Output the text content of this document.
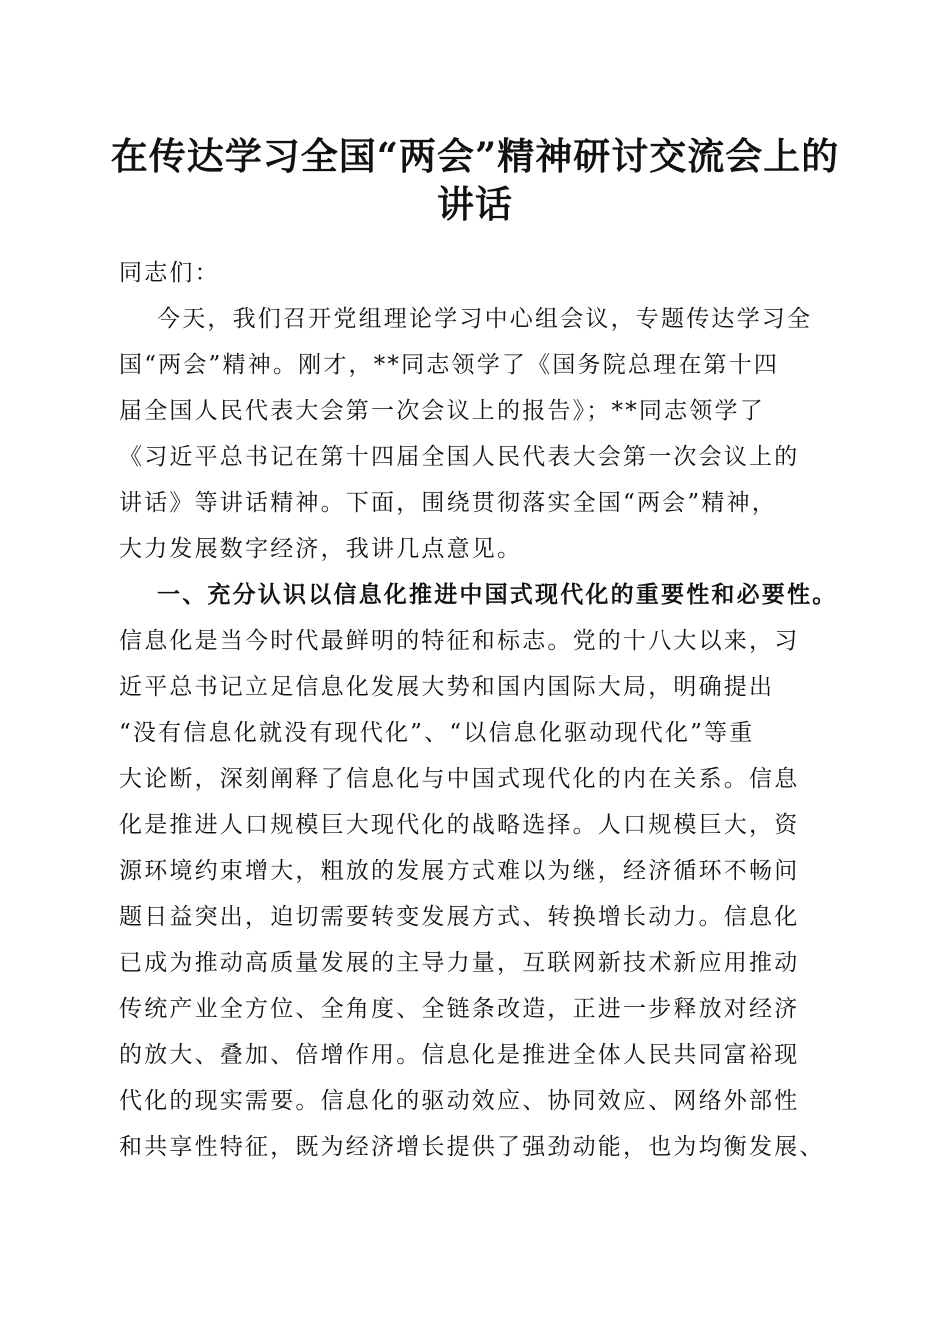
在传达学习全国“两会”精神研讨交流会上的
讲话
同志们：
今天，我们召开党组理论学习中心组会议，专题传达学习全
国“两会”精神。刚才，**同志领学了《国务院总理在第十四
届全国人民代表大会第一次会议上的报告》；**同志领学了
《习近平总书记在第十四届全国人民代表大会第一次会议上的
讲话》等讲话精神。下面，围绕贯彻落实全国“两会”精神，
大力发展数字经济，我讲几点意见。
一、充分认识以信息化推进中国式现代化的重要性和必要性。
信息化是当今时代最鲜明的特征和标志。党的十八大以来，习
近平总书记立足信息化发展大势和国内国际大局，明确提出
“没有信息化就没有现代化”、“以信息化驱动现代化”等重
大论断，深刻阐释了信息化与中国式现代化的内在关系。信息
化是推进人口规模巨大现代化的战略选择。人口规模巨大，资
源环境约束增大，粗放的发展方式难以为继，经济循环不畅问
题日益突出，迫切需要转变发展方式、转换增长动力。信息化
已成为推动高质量发展的主导力量，互联网新技术新应用推动
传统产业全方位、全角度、全链条改造，正进一步释放对经济
的放大、叠加、倍增作用。信息化是推进全体人民共同富裕现
代化的现实需要。信息化的驱动效应、协同效应、网络外部性
和共享性特征，既为经济增长提供了强劲动能，也为均衡发展、
